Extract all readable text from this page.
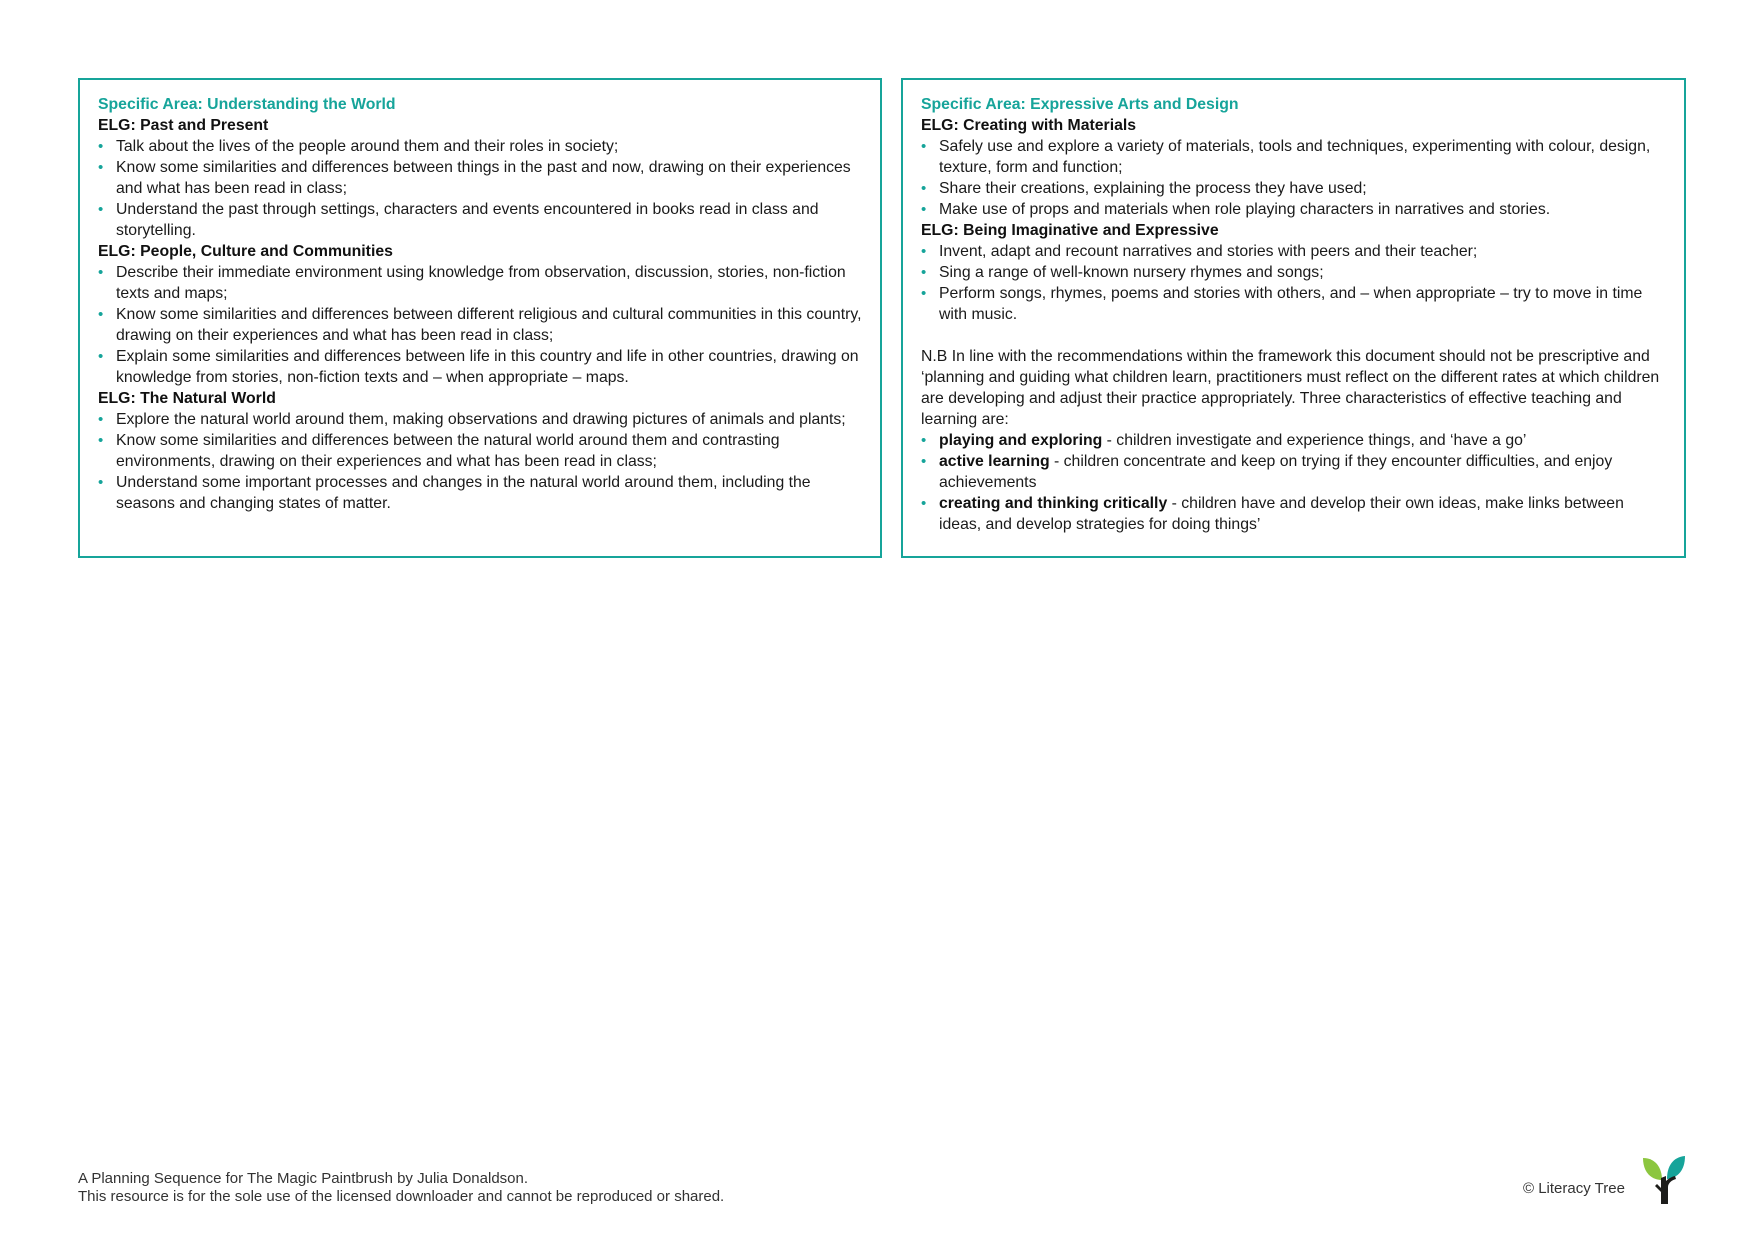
Specific Area: Understanding the World
ELG: Past and Present
• Talk about the lives of the people around them and their roles in society;
• Know some similarities and differences between things in the past and now, drawing on their experiences and what has been read in class;
• Understand the past through settings, characters and events encountered in books read in class and storytelling.
ELG: People, Culture and Communities
• Describe their immediate environment using knowledge from observation, discussion, stories, non-fiction texts and maps;
• Know some similarities and differences between different religious and cultural communities in this country, drawing on their experiences and what has been read in class;
• Explain some similarities and differences between life in this country and life in other countries, drawing on knowledge from stories, non-fiction texts and – when appropriate – maps.
ELG: The Natural World
• Explore the natural world around them, making observations and drawing pictures of animals and plants;
• Know some similarities and differences between the natural world around them and contrasting environments, drawing on their experiences and what has been read in class;
• Understand some important processes and changes in the natural world around them, including the seasons and changing states of matter.
Specific Area: Expressive Arts and Design
ELG: Creating with Materials
• Safely use and explore a variety of materials, tools and techniques, experimenting with colour, design, texture, form and function;
• Share their creations, explaining the process they have used;
• Make use of props and materials when role playing characters in narratives and stories.
ELG: Being Imaginative and Expressive
• Invent, adapt and recount narratives and stories with peers and their teacher;
• Sing a range of well-known nursery rhymes and songs;
• Perform songs, rhymes, poems and stories with others, and – when appropriate – try to move in time with music.

N.B In line with the recommendations within the framework this document should not be prescriptive and ‘planning and guiding what children learn, practitioners must reflect on the different rates at which children are developing and adjust their practice appropriately. Three characteristics of effective teaching and learning are:

• playing and exploring - children investigate and experience things, and ‘have a go’
• active learning - children concentrate and keep on trying if they encounter difficulties, and enjoy achievements
• creating and thinking critically - children have and develop their own ideas, make links between ideas, and develop strategies for doing things’
A Planning Sequence for The Magic Paintbrush by Julia Donaldson.
This resource is for the sole use of the licensed downloader and cannot be reproduced or shared.	© Literacy Tree
